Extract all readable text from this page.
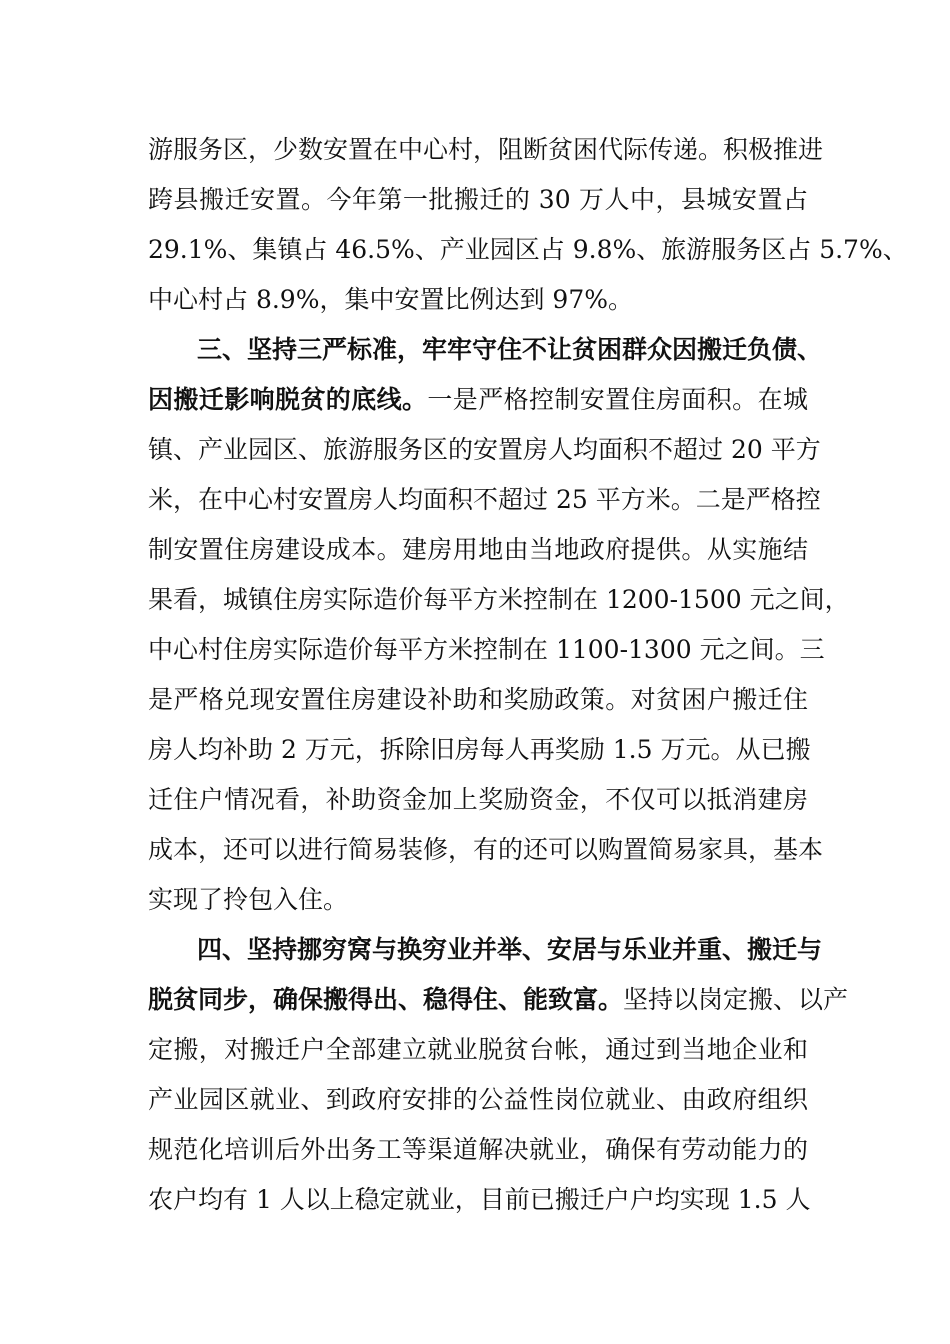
游服务区，少数安置在中心村，阻断贫困代际传递。积极推进
跨县搬迁安置。今年第一批搬迁的 30 万人中，县城安置占
29.1%、集镇占 46.5%、产业园区占 9.8%、旅游服务区占 5.7%、
中心村占 8.9%，集中安置比例达到 97%。
三、坚持三严标准，牢牢守住不让贫困群众因搬迁负债、
因搬迁影响脱贫的底线。一是严格控制安置住房面积。在城
镇、产业园区、旅游服务区的安置房人均面积不超过 20 平方
米，在中心村安置房人均面积不超过 25 平方米。二是严格控
制安置住房建设成本。建房用地由当地政府提供。从实施结
果看，城镇住房实际造价每平方米控制在 1200-1500 元之间，
中心村住房实际造价每平方米控制在 1100-1300 元之间。三
是严格兑现安置住房建设补助和奖励政策。对贫困户搬迁住
房人均补助 2 万元，拆除旧房每人再奖励 1.5 万元。从已搬
迁住户情况看，补助资金加上奖励资金，不仅可以抵消建房
成本，还可以进行简易装修，有的还可以购置简易家具，基本
实现了拎包入住。
四、坚持挪穷窝与换穷业并举、安居与乐业并重、搬迁与
脱贫同步，确保搬得出、稳得住、能致富。坚持以岗定搬、以产
定搬，对搬迁户全部建立就业脱贫台帐，通过到当地企业和
产业园区就业、到政府安排的公益性岗位就业、由政府组织
规范化培训后外出务工等渠道解决就业，确保有劳动能力的
农户均有 1 人以上稳定就业，目前已搬迁户户均实现 1.5 人
